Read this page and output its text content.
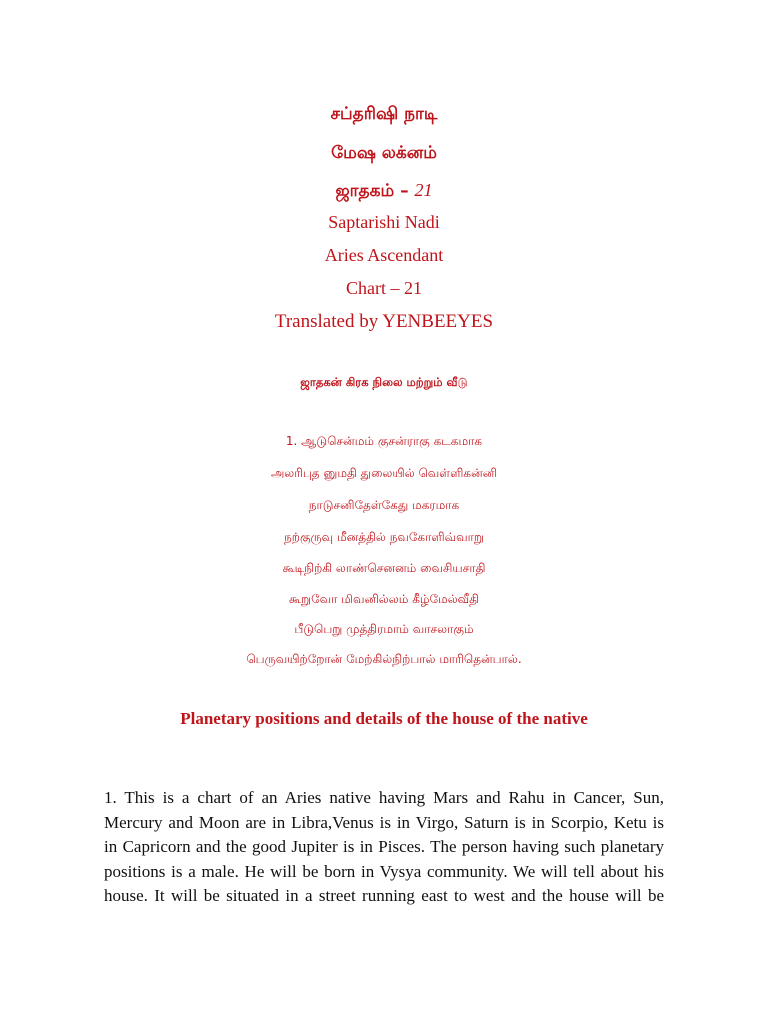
சப்தரிஷி நாடி
மேஷ லக்னம்
ஜாதகம் – 21
Saptarishi Nadi
Aries Ascendant
Chart – 21
Translated by YENBEEYES
ஜாதகன் கிரக நிலை மற்றும் வீடு
1. ஆடுசென்மம் குசன்ராகு கடகமாக
அலரிபுத னுமதி துலையில் வெள்ளிகன்னி
நாடுசனிதேள்கேது மகரமாக
நற்குருவு மீனத்தில் நவகோளிவ்வாறு
கூடிநிற்கி லாண்செனனம் வைசியசாதி
கூறுவோ மிவனில்லம் கீழ்மேல்வீதி
பீடுபெறு முத்திரமாம் வாசலாகும்
பெருவயிற்றோன் மேற்கில்நிற்பால் மாரிதென்பால்.
Planetary positions and details of the house of the native
1. This is a chart of an Aries native having Mars and Rahu in Cancer, Sun,
Mercury and Moon are in Libra,Venus is in Virgo, Saturn is in Scorpio, Ketu is
in Capricorn and the good Jupiter is in Pisces. The person having such planetary
positions is a male. He will be born in Vysya community. We will tell about his
house. It will be situated in a street running east to west and the house will be
